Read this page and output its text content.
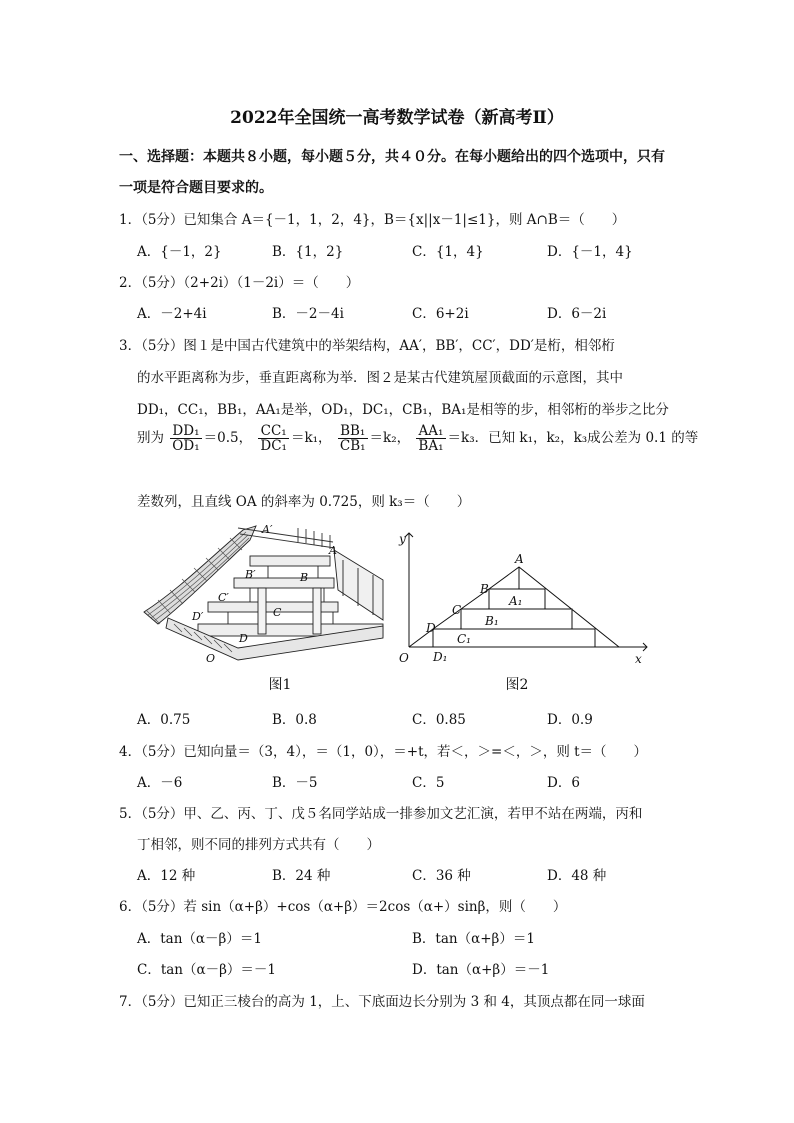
2022年全国统一高考数学试卷（新高考Ⅱ）
一、选择题：本题共８小题，每小题５分，共４０分。在每小题给出的四个选项中，只有
一项是符合题目要求的。
1．（5分）已知集合 A＝{－1，1，2，4}，B＝{x||x－1|≤1}，则 A∩B＝（　　）
A．{－1，2}	B．{1，2}	C．{1，4}	D．{－1，4}
2．（5分）（2+2i）（1－2i）＝（　　）
A．－2+4i	B．－2－4i	C．6+2i	D．6－2i
3．（5分）图１是中国古代建筑中的举架结构，AA′，BB′，CC′，DD′是桁，相邻桁
的水平距离称为步，垂直距离称为举．图２是某古代建筑屋顶截面的示意图，其中
DD₁，CC₁，BB₁，AA₁是举，OD₁，DC₁，CB₁，BA₁是相等的步，相邻桁的举步之比分
别为 $\frac{\text{DD₁}}{\text{OD₁}} =0.5$， $\frac{\text{CC₁}}{\text{DC₁}} =k_1$， $\frac{\text{BB₁}}{\text{CB₁}} =k_2$， $\frac{\text{AA₁}}{\text{BA₁}} =k_3$．已知 k₁，k₂，k₃成公差为 0.1 的等
差数列，且直线 OA 的斜率为 0.725，则 k₃＝（　　）
A′
A
B′	B
C′
C
D′
D
O
y
x
O
A
B
C
D
A₁
B₁
C₁
D₁
图1	图2
A．0.75	B．0.8	C．0.85	D．0.9
4．（5分）已知向量＝（3，4），＝（1，0），＝+t，若＜，＞=＜，＞，则 t＝（　　）
A．－6	B．－5	C．5	D．6
5．（5分）甲、乙、丙、丁、戊５名同学站成一排参加文艺汇演，若甲不站在两端，丙和
丁相邻，则不同的排列方式共有（　　）
A．12 种	B．24 种	C．36 种	D．48 种
6．（5分）若 sin（α+β）+cos（α+β）＝2cos（α+）sinβ，则（　　）
A．tan（α－β）＝1	B．tan（α+β）＝1
C．tan（α－β）＝－1	D．tan（α+β）＝－1
7．（5分）已知正三棱台的高为 1，上、下底面边长分别为 3 和 4，其顶点都在同一球面
